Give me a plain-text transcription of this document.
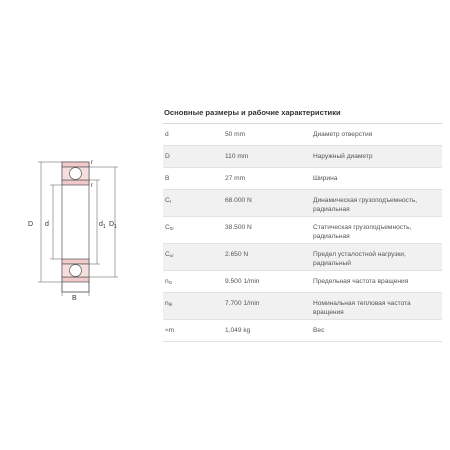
D d	$d_1$ $D_1$
B
r
r
Основные размеры и рабочие характеристики
d	50 mm	Диаметр отверстия
D	110 mm	Наружный диаметр
B	27 mm	Ширина
$C_r$	68.000 N	Динамическая грузоподъемность, радиальная
$C_{0r}$	38.500 N	Статическая грузоподъемность, радиальная
$C_{ur}$	2.650 N	Предел усталостной нагрузки, радиальный
$n_G$	9.500 1/min	Предельная частота вращения
$n_{\theta r}$	7.700 1/min	Номинальная тепловая частота вращения
≈m	1,049 kg	Вес
